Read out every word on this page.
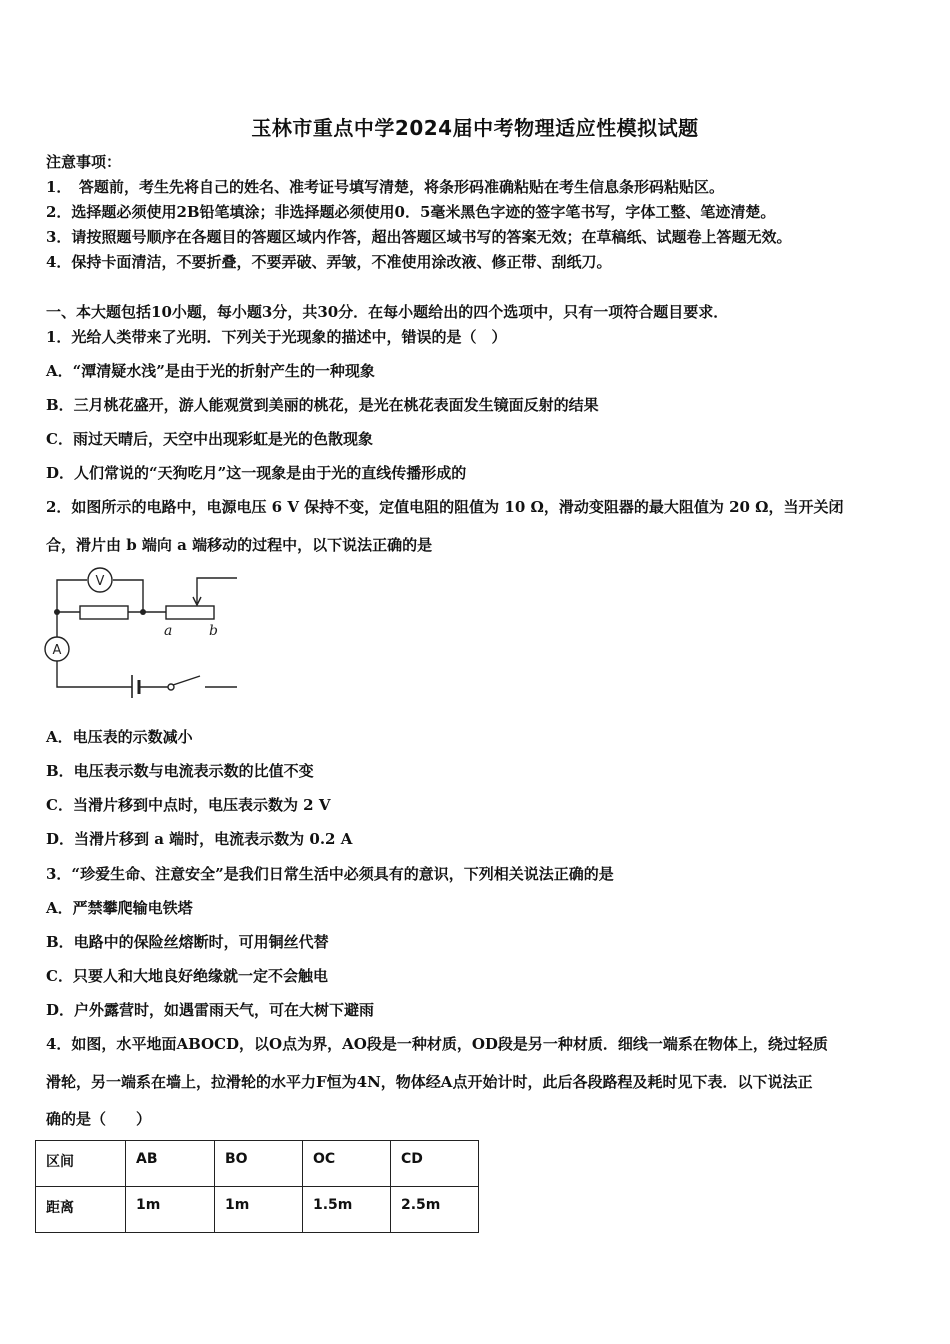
玉林市重点中学2024届中考物理适应性模拟试题
注意事项：
1．　答题前，考生先将自己的姓名、准考证号填写清楚，将条形码准确粘贴在考生信息条形码粘贴区。
2．选择题必须使用2B铅笔填涂；非选择题必须使用0．5毫米黑色字迹的签字笔书写，字体工整、笔迹清楚。
3．请按照题号顺序在各题目的答题区域内作答，超出答题区域书写的答案无效；在草稿纸、试题卷上答题无效。
4．保持卡面清洁，不要折叠，不要弄破、弄皱，不准使用涂改液、修正带、刮纸刀。
一、本大题包括10小题，每小题3分，共30分．在每小题给出的四个选项中，只有一项符合题目要求．
1．光给人类带来了光明．下列关于光现象的描述中，错误的是（　）
A．“潭清疑水浅”是由于光的折射产生的一种现象
B．三月桃花盛开，游人能观赏到美丽的桃花，是光在桃花表面发生镜面反射的结果
C．雨过天晴后，天空中出现彩虹是光的色散现象
D．人们常说的“天狗吃月”这一现象是由于光的直线传播形成的
2．如图所示的电路中，电源电压 6 V 保持不变，定值电阻的阻值为 10 Ω，滑动变阻器的最大阻值为 20 Ω，当开关闭
合，滑片由 b 端向 a 端移动的过程中，以下说法正确的是
V
A
a	b
A．电压表的示数减小
B．电压表示数与电流表示数的比值不变
C．当滑片移到中点时，电压表示数为 2 V
D．当滑片移到 a 端时，电流表示数为 0.2 A
3．“珍爱生命、注意安全”是我们日常生活中必须具有的意识，下列相关说法正确的是
A．严禁攀爬输电铁塔
B．电路中的保险丝熔断时，可用铜丝代替
C．只要人和大地良好绝缘就一定不会触电
D．户外露营时，如遇雷雨天气，可在大树下避雨
4．如图，水平地面ABOCD，以O点为界，AO段是一种材质，OD段是另一种材质．细线一端系在物体上，绕过轻质
滑轮，另一端系在墙上，拉滑轮的水平力F恒为4N，物体经A点开始计时，此后各段路程及耗时见下表．以下说法正
确的是（　　）
区间	AB	BO	OC	CD
距离	1m	1m	1.5m	2.5m
